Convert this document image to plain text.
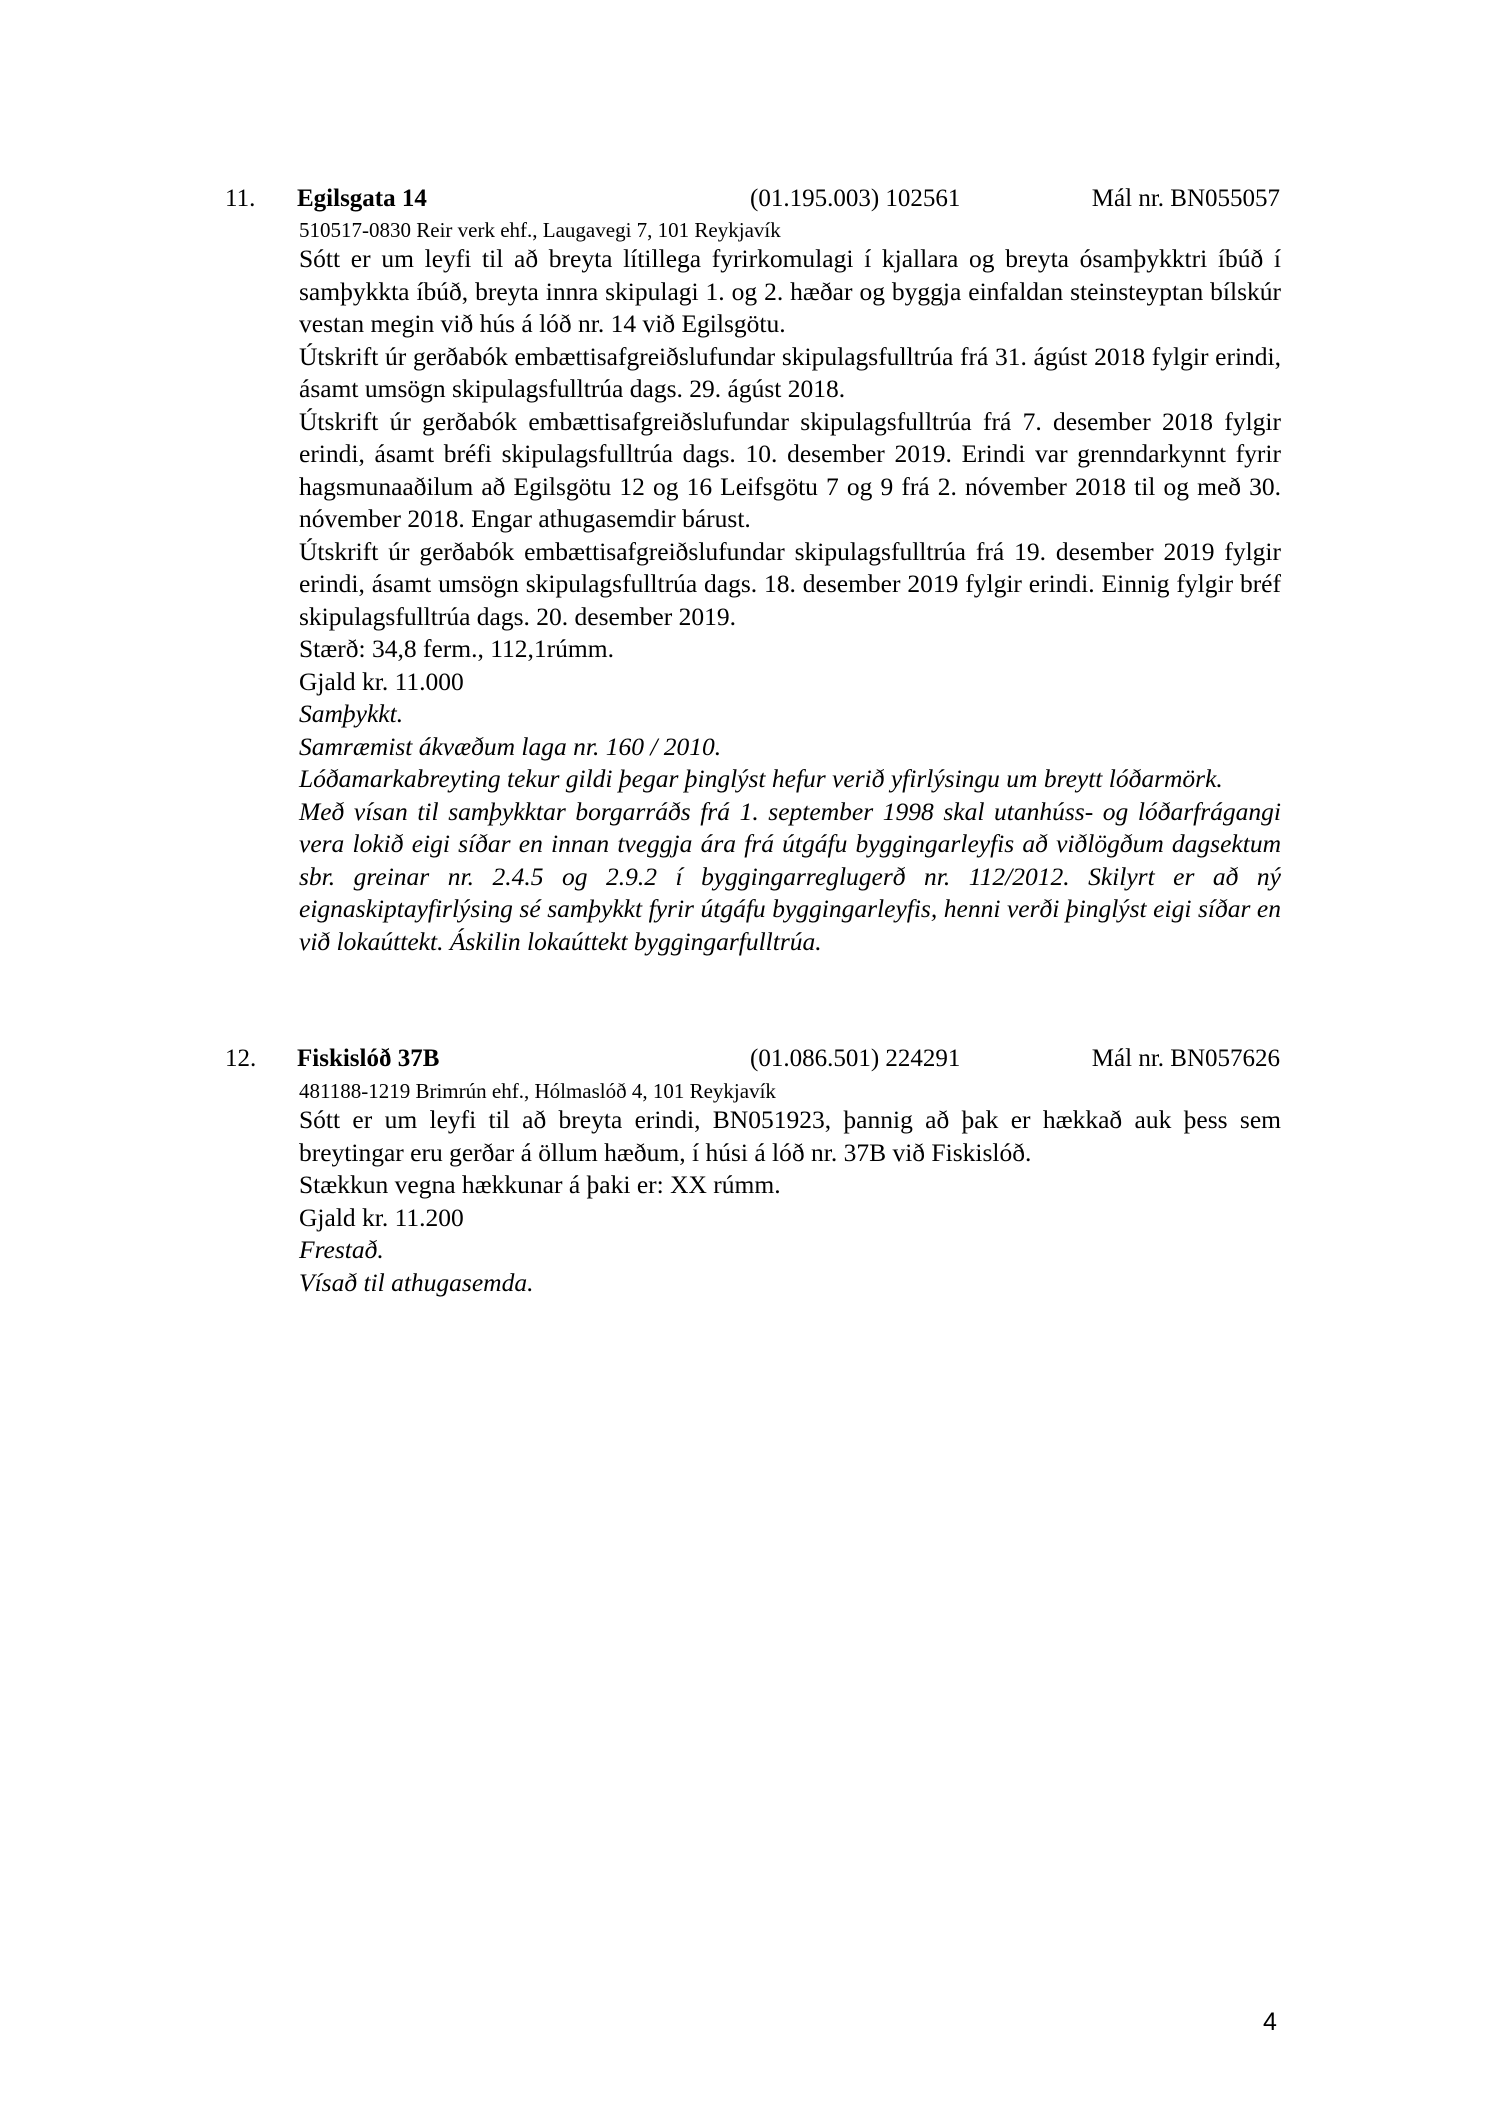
11. Egilsgata 14	(01.195.003) 102561	Mál nr. BN055057
510517-0830 Reir verk ehf., Laugavegi 7, 101 Reykjavík

Sótt er um leyfi til að breyta lítillega fyrirkomulagi í kjallara og breyta ósamþykktri íbúð í samþykkta íbúð, breyta innra skipulagi 1. og 2. hæðar og byggja einfaldan steinsteyptan bílskúr vestan megin við hús á lóð nr. 14 við Egilsgötu.

Útskrift úr gerðabók embættisafgreiðslufundar skipulagsfulltrúa frá 31. ágúst 2018 fylgir erindi, ásamt umsögn skipulagsfulltrúa dags. 29. ágúst 2018.

Útskrift úr gerðabók embættisafgreiðslufundar skipulagsfulltrúa frá 7. desember 2018 fylgir erindi, ásamt bréfi skipulagsfulltrúa dags. 10. desember 2019. Erindi var grenndarkynnt fyrir hagsmunaaðilum að Egilsgötu 12 og 16 Leifsgötu 7 og 9 frá 2. nóvember 2018 til og með 30. nóvember 2018. Engar athugasemdir bárust.

Útskrift úr gerðabók embættisafgreiðslufundar skipulagsfulltrúa frá 19. desember 2019 fylgir erindi, ásamt umsögn skipulagsfulltrúa dags. 18. desember 2019 fylgir erindi. Einnig fylgir bréf skipulagsfulltrúa dags. 20. desember 2019.

Stærð: 34,8 ferm., 112,1rúmm.

Gjald kr. 11.000

Samþykkt.

Samræmist ákvæðum laga nr. 160 / 2010.

Lóðamarkabreyting tekur gildi þegar þinglýst hefur verið yfirlýsingu um breytt lóðarmörk.

Með vísan til samþykktar borgarráðs frá 1. september 1998 skal utanhúss- og lóðarfrágangi vera lokið eigi síðar en innan tveggja ára frá útgáfu byggingarleyfis að viðlögðum dagsektum sbr. greinar nr. 2.4.5 og 2.9.2 í byggingarreglugerð nr. 112/2012. Skilyrt er að ný eignaskiptayfirlýsing sé samþykkt fyrir útgáfu byggingarleyfis, henni verði þinglýst eigi síðar en við lokaúttekt. Áskilin lokaúttekt byggingarfulltrúa.

12. Fiskislóð 37B	(01.086.501) 224291	Mál nr. BN057626
481188-1219 Brimrún ehf., Hólmaslóð 4, 101 Reykjavík

Sótt er um leyfi til að breyta erindi, BN051923, þannig að þak er hækkað auk þess sem breytingar eru gerðar á öllum hæðum, í húsi á lóð nr. 37B við Fiskislóð.

Stækkun vegna hækkunar á þaki er: XX rúmm.

Gjald kr. 11.200

Frestað.

Vísað til athugasemda.

4
